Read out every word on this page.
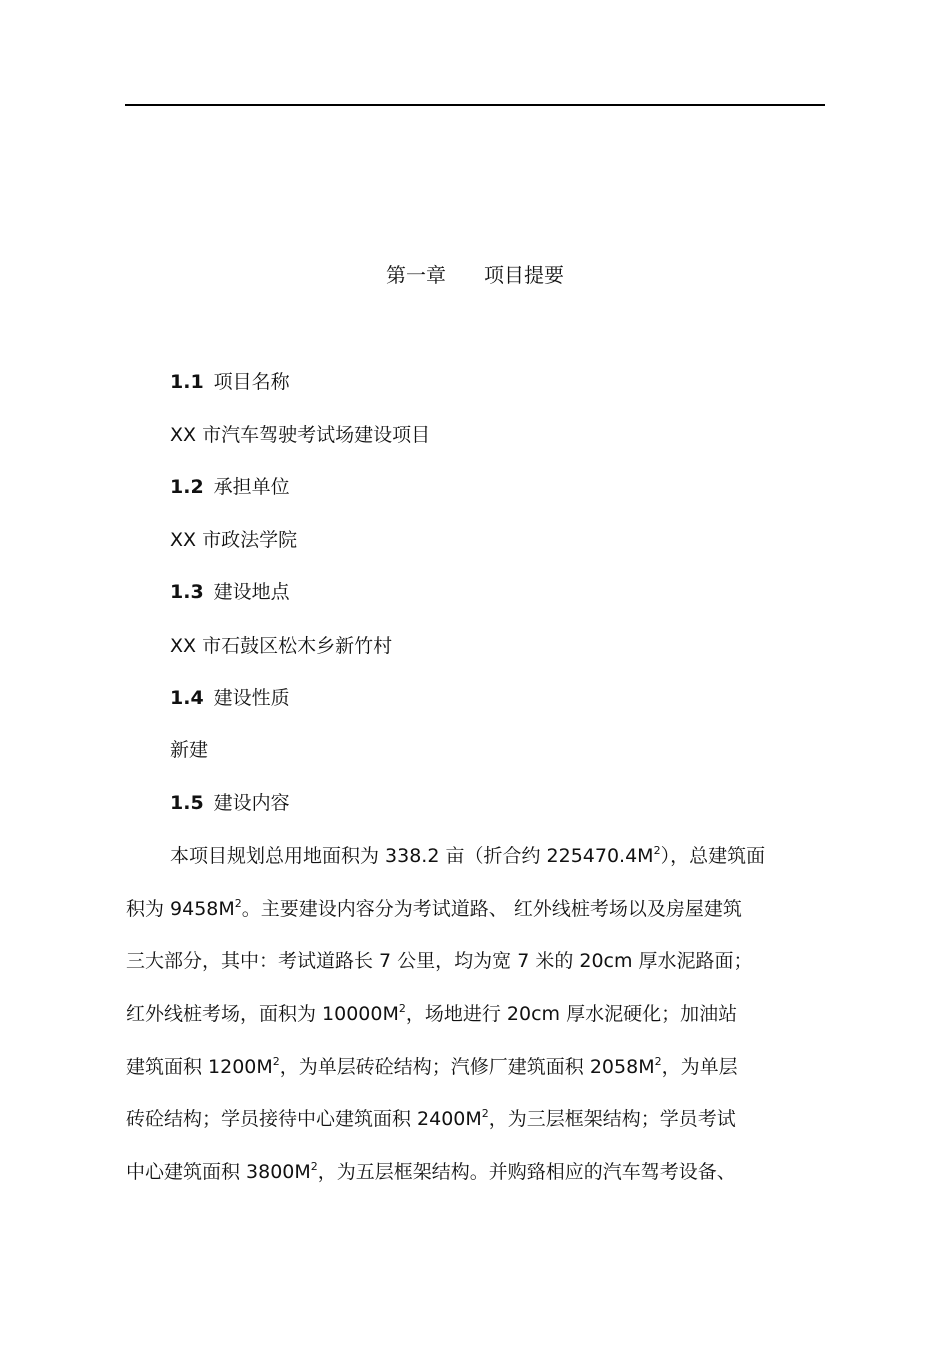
第一章 项目提要
1.1 项目名称
XX 市汽车驾驶考试场建设项目
1.2 承担单位
XX 市政法学院
1.3 建设地点
XX 市石鼓区松木乡新竹村
1.4 建设性质
新建
1.5 建设内容
本项目规划总用地面积为 338.2 亩（折合约 $225470.4M^2$），总建筑面
积为 $9458M^2$。主要建设内容分为考试道路、 红外线桩考场以及房屋建筑
三大部分，其中：考试道路长 7 公里，均为宽 7 米的 20cm 厚水泥路面；
红外线桩考场，面积为 $10000M^2$，场地进行 20cm 厚水泥硬化；加油站
建筑面积 $1200M^2$，为单层砖砼结构；汽修厂建筑面积 $2058M^2$，为单层
砖砼结构；学员接待中心建筑面积 $2400M^2$，为三层框架结构；学员考试
中心建筑面积 $3800M^2$，为五层框架结构。并购臵相应的汽车驾考设备、
